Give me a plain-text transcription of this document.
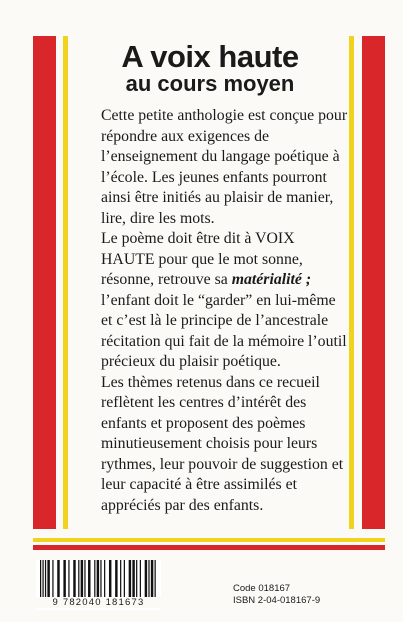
A voix haute
au cours moyen

Cette petite anthologie est conçue pour répondre aux exigences de l’enseignement du langage poétique à l’école. Les jeunes enfants pourront ainsi être initiés au plaisir de manier, lire, dire les mots.

Le poème doit être dit à VOIX HAUTE pour que le mot sonne, résonne, retrouve sa matérialité ; l’enfant doit le “garder” en lui-même et c’est là le principe de l’ancestrale récitation qui fait de la mémoire l’outil précieux du plaisir poétique.

Les thèmes retenus dans ce recueil reflètent les centres d’intérêt des enfants et proposent des poèmes minutieusement choisis pour leurs rythmes, leur pouvoir de suggestion et leur capacité à être assimilés et appréciés par des enfants.

9 782040 181673
Code 018167
ISBN 2-04-018167-9
